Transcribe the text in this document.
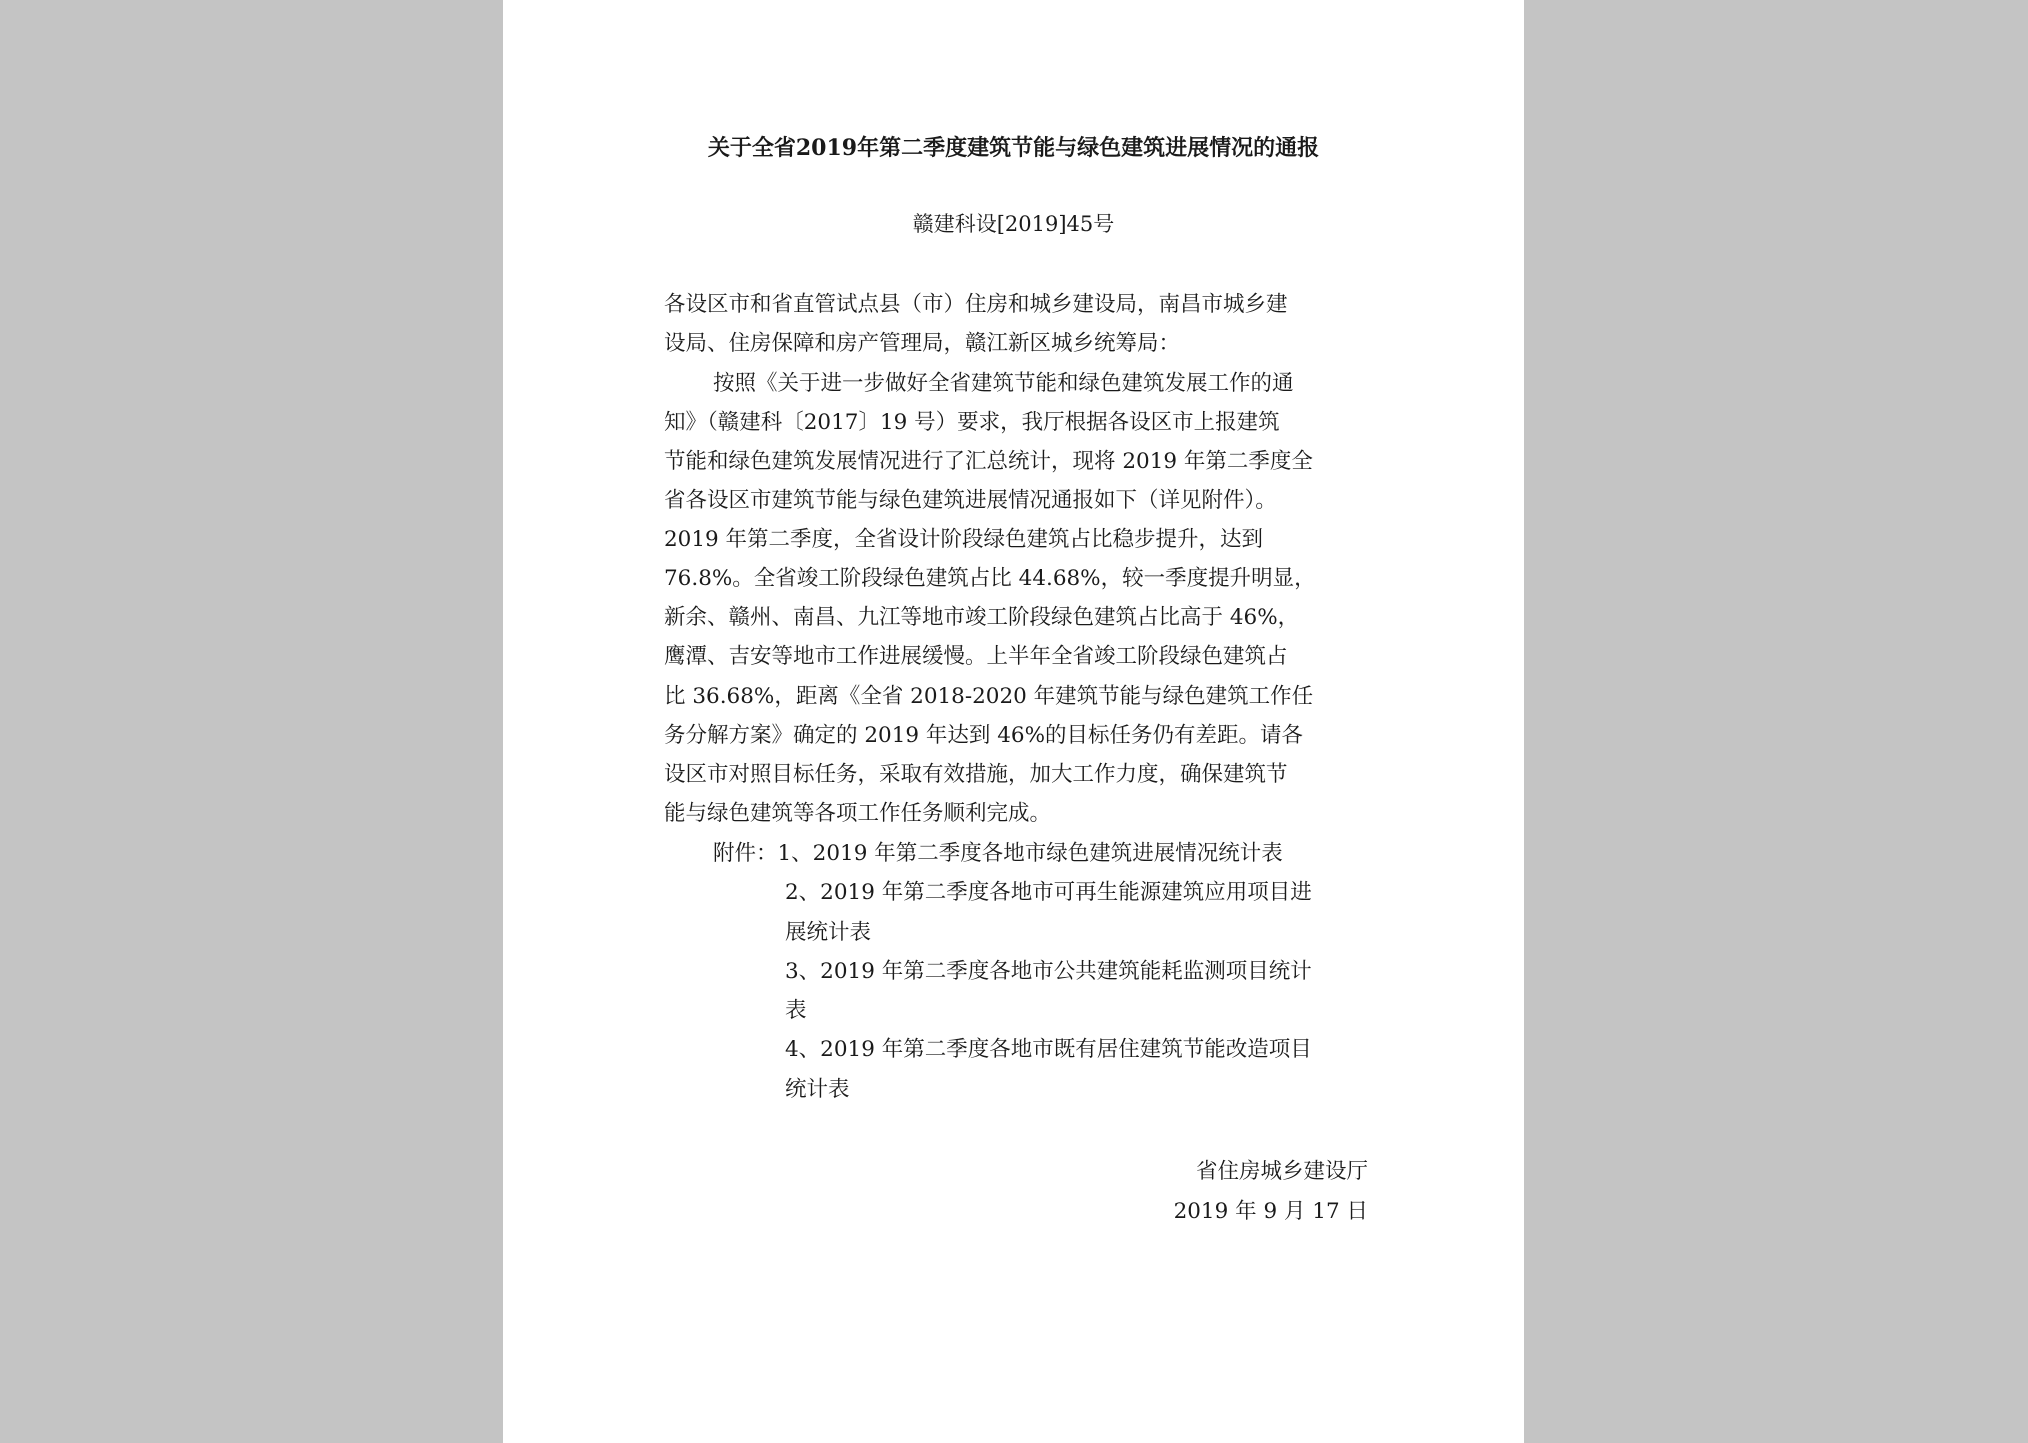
关于全省2019年第二季度建筑节能与绿色建筑进展情况的通报
赣建科设[2019]45号
各设区市和省直管试点县（市）住房和城乡建设局，南昌市城乡建
设局、住房保障和房产管理局，赣江新区城乡统筹局：
按照《关于进一步做好全省建筑节能和绿色建筑发展工作的通
知》（赣建科〔2017〕19 号）要求，我厅根据各设区市上报建筑
节能和绿色建筑发展情况进行了汇总统计，现将 2019 年第二季度全
省各设区市建筑节能与绿色建筑进展情况通报如下（详见附件）。
2019 年第二季度，全省设计阶段绿色建筑占比稳步提升，达到
76.8%。全省竣工阶段绿色建筑占比 44.68%，较一季度提升明显，
新余、赣州、南昌、九江等地市竣工阶段绿色建筑占比高于 46%，
鹰潭、吉安等地市工作进展缓慢。上半年全省竣工阶段绿色建筑占
比 36.68%，距离《全省 2018-2020 年建筑节能与绿色建筑工作任
务分解方案》确定的 2019 年达到 46%的目标任务仍有差距。请各
设区市对照目标任务，采取有效措施，加大工作力度，确保建筑节
能与绿色建筑等各项工作任务顺利完成。
附件：1、2019 年第二季度各地市绿色建筑进展情况统计表
2、2019 年第二季度各地市可再生能源建筑应用项目进
展统计表
3、2019 年第二季度各地市公共建筑能耗监测项目统计
表
4、2019 年第二季度各地市既有居住建筑节能改造项目
统计表
省住房城乡建设厅
2019 年 9 月 17 日
